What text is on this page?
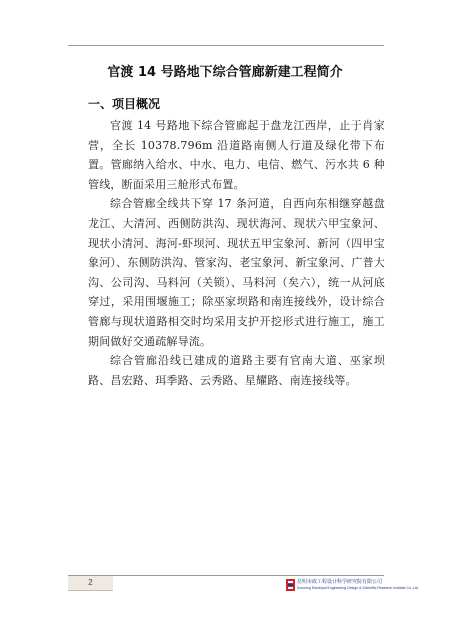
官渡 14 号路地下综合管廊新建工程简介
一、项目概况

官渡 14 号路地下综合管廊起于盘龙江西岸，止于肖家营，全长 10378.796m 沿道路南侧人行道及绿化带下布置。管廊纳入给水、中水、电力、电信、燃气、污水共 6 种管线，断面采用三舱形式布置。

综合管廊全线共下穿 17 条河道，自西向东相继穿越盘龙江、大清河、西侧防洪沟、现状海河、现状六甲宝象河、现状小清河、海河-虾坝河、现状五甲宝象河、新河（四甲宝象河）、东侧防洪沟、管家沟、老宝象河、新宝象河、广普大沟、公司沟、马料河（关锁）、马料河（矣六），统一从河底穿过，采用围堰施工；除巫家坝路和南连接线外，设计综合管廊与现状道路相交时均采用支护开挖形式进行施工，施工期间做好交通疏解导流。

综合管廊沿线已建成的道路主要有官南大道、巫家坝路、昌宏路、珥季路、云秀路、星耀路、南连接线等。

2	昆明市政工程设计科学研究院有限公司
Kunming Municipal Engineering Design & Scientific Research Institute Co.,Ltd.
